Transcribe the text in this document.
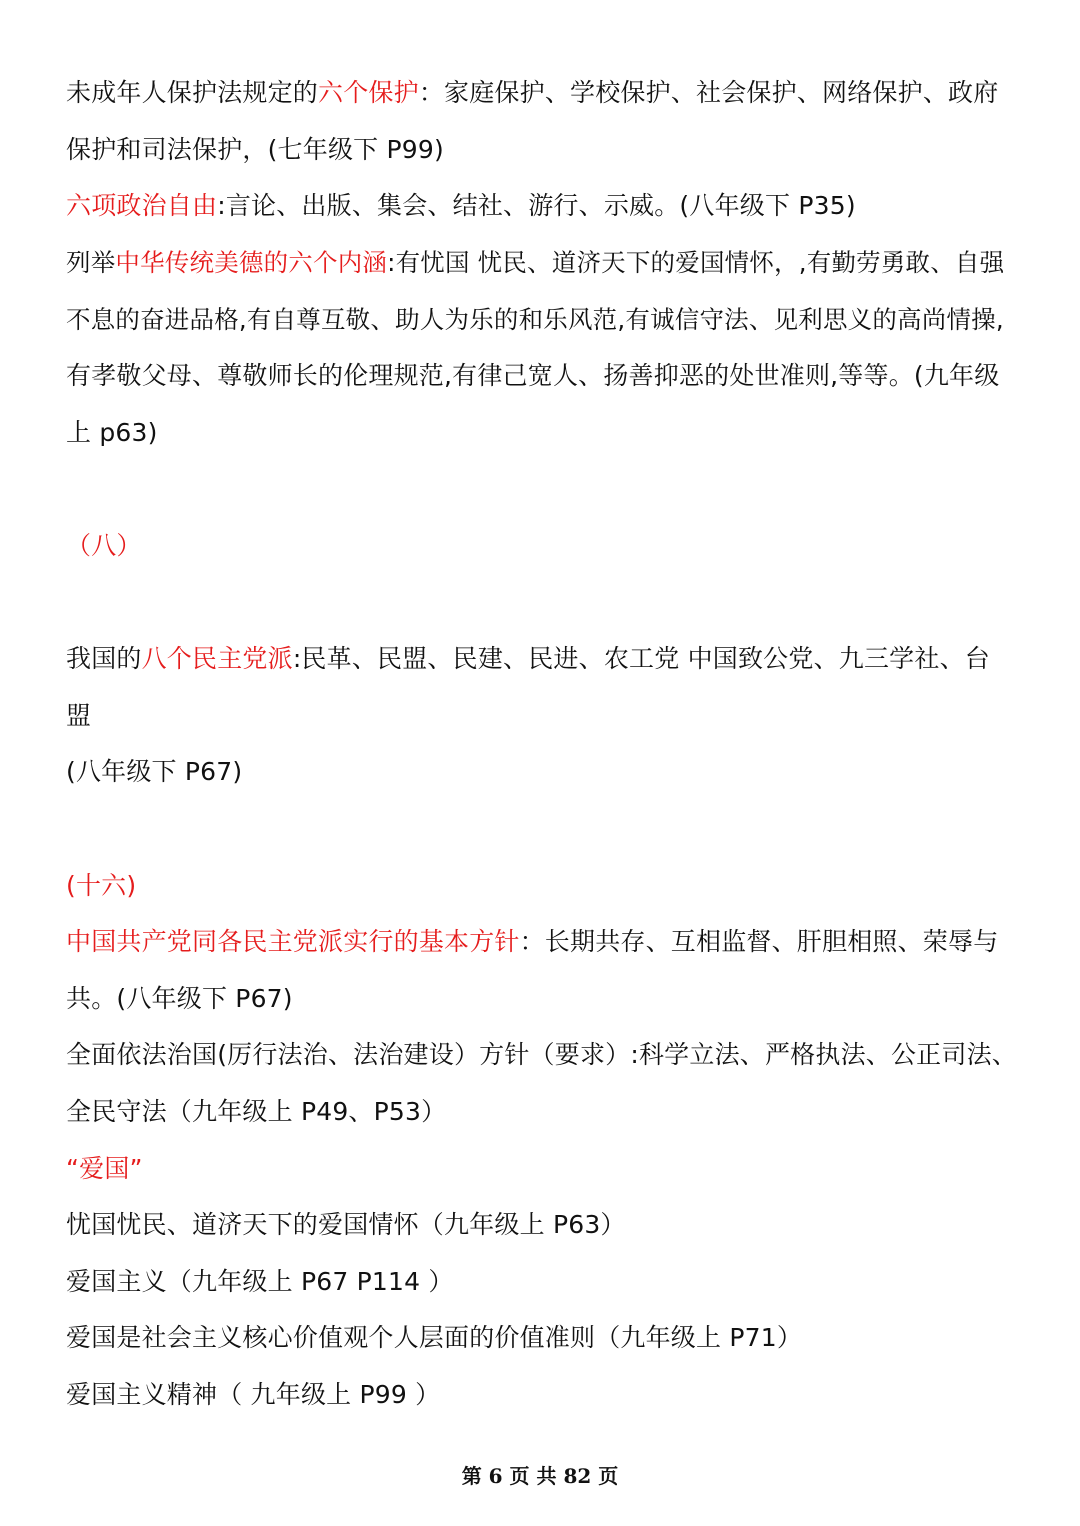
未成年人保护法规定的六个保护：家庭保护、学校保护、社会保护、网络保护、政府
保护和司法保护，(七年级下 P99)
六项政治自由:言论、出版、集会、结社、游行、示威。(八年级下 P35)
列举中华传统美德的六个内涵:有忧国 忧民、道济天下的爱国情怀，,有勤劳勇敢、自强
不息的奋进品格,有自尊互敬、助人为乐的和乐风范,有诚信守法、见利思义的高尚情操,
有孝敬父母、尊敬师长的伦理规范,有律己宽人、扬善抑恶的处世准则,等等。(九年级
上 p63)
（八）
我国的八个民主党派:民革、民盟、民建、民进、农工党 中国致公党、九三学社、台
盟
(八年级下 P67)
(十六)
中国共产党同各民主党派实行的基本方针：长期共存、互相监督、肝胆相照、荣辱与
共。(八年级下 P67)
全面依法治国(厉行法治、法治建设）方针（要求）:科学立法、严格执法、公正司法、
全民守法（九年级上 P49、P53）
“爱国”
忧国忧民、道济天下的爱国情怀（九年级上 P63）
爱国主义（九年级上 P67 P114 ）
爱国是社会主义核心价值观个人层面的价值准则（九年级上 P71）
爱国主义精神（ 九年级上 P99 ）
第 6 页 共 82 页
